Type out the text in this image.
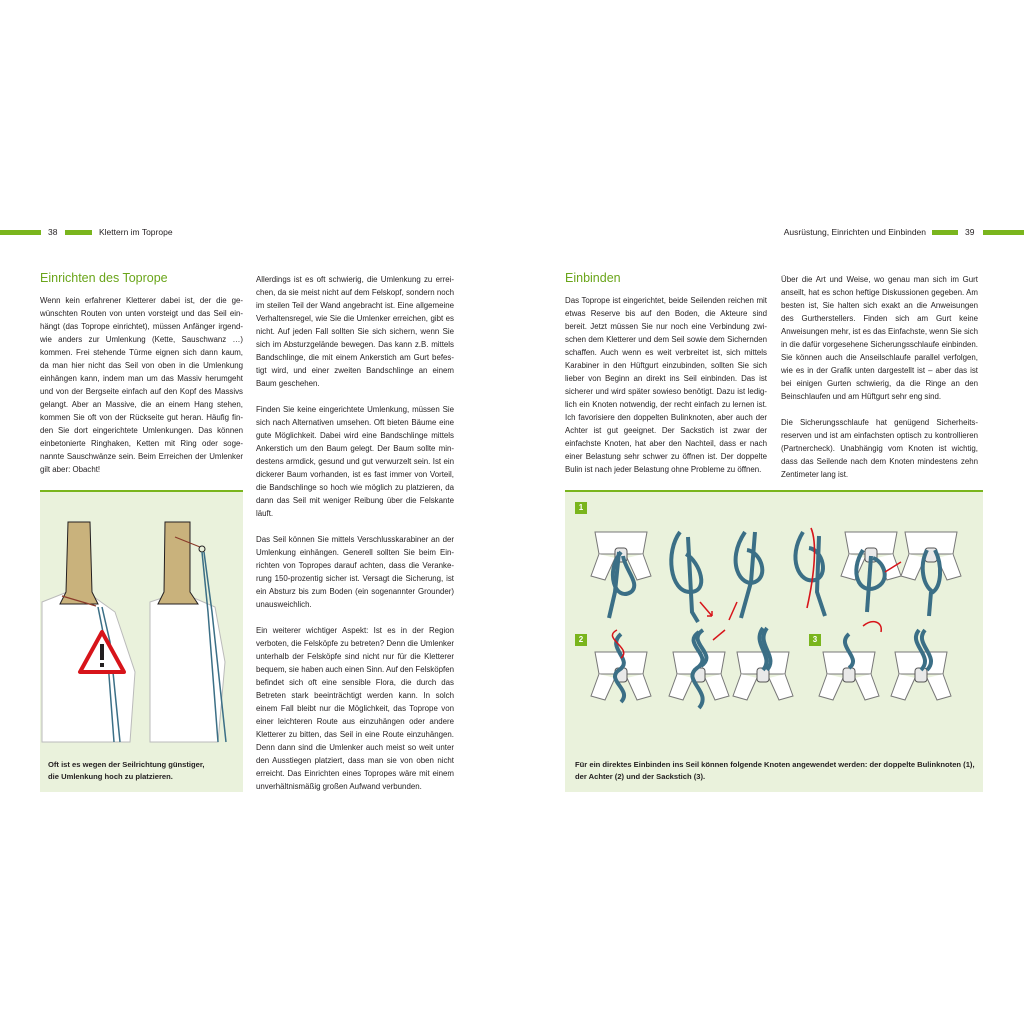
38	Klettern im Toprope	Ausrüstung, Einrichten und Einbinden	39
Einrichten des Toprope

Wenn kein erfahrener Kletterer dabei ist, der die gewünschten Routen von unten vorsteigt und das Seil einhängt (das Toprope einrichtet), müssen Anfänger irgendwie anders zur Umlenkung (Kette, Sauschwanz …) kommen. Frei stehende Türme eignen sich dann kaum, da man hier nicht das Seil von oben in die Umlenkung einhängen kann, indem man um das Massiv herumgeht und von der Bergseite einfach auf den Kopf des Massivs gelangt. Aber an Massive, die an einem Hang stehen, kommen Sie oft von der Rückseite gut heran. Häufig finden Sie dort eingerichtete Umlenkungen. Das können einbetonierte Ringhaken, Ketten mit Ring oder sogenannte Sauschwänze sein. Beim Erreichen der Umlenker gilt aber: Obacht!

Allerdings ist es oft schwierig, die Umlenkung zu erreichen, da sie meist nicht auf dem Felskopf, sondern noch im steilen Teil der Wand angebracht ist. Eine allgemeine Verhaltensregel, wie Sie die Umlenker erreichen, gibt es nicht. Auf jeden Fall sollten Sie sich sichern, wenn Sie sich im Absturzgelände bewegen. Das kann z.B. mittels Bandschlinge, die mit einem Ankerstich am Gurt befestigt wird, und einer zweiten Bandschlinge an einem Baum geschehen.

Finden Sie keine eingerichtete Umlenkung, müssen Sie sich nach Alternativen umsehen. Oft bieten Bäume eine gute Möglichkeit. Dabei wird eine Bandschlinge mittels Ankerstich um den Baum gelegt. Der Baum sollte mindestens armdick, gesund und gut verwurzelt sein. Ist ein dickerer Baum vorhanden, ist es fast immer von Vorteil, die Bandschlinge so hoch wie möglich zu platzieren, da dann das Seil mit weniger Reibung über die Felskante läuft.

Das Seil können Sie mittels Verschlusskarabiner an der Umlenkung einhängen. Generell sollten Sie beim Einrichten von Topropes darauf achten, dass die Verankerung 150-prozentig sicher ist. Versagt die Sicherung, ist ein Absturz bis zum Boden (ein sogenannter Grounder) unausweichlich.

Ein weiterer wichtiger Aspekt: Ist es in der Region verboten, die Felsköpfe zu betreten? Denn die Umlenker unterhalb der Felsköpfe sind nicht nur für die Kletterer bequem, sie haben auch einen Sinn. Auf den Felsköpfen befindet sich oft eine sensible Flora, die durch das Betreten stark beeinträchtigt werden kann. In solch einem Fall bleibt nur die Möglichkeit, das Toprope von einer leichteren Route aus einzuhängen oder andere Kletterer zu bitten, das Seil in eine Route einzuhängen. Denn dann sind die Umlenker auch meist so weit unter den Ausstiegen platziert, dass man sie von oben nicht erreicht. Das Einrichten eines Topropes wäre mit einem unverhältnismäßig großen Aufwand verbunden.

Oft ist es wegen der Seilrichtung günstiger,
die Umlenkung hoch zu platzieren.
Einbinden

Das Toprope ist eingerichtet, beide Seilenden reichen mit etwas Reserve bis auf den Boden, die Akteure sind bereit. Jetzt müssen Sie nur noch eine Verbindung zwischen dem Kletterer und dem Seil sowie dem Sichernden schaffen. Auch wenn es weit verbreitet ist, sich mittels Karabiner in den Hüftgurt einzubinden, sollten Sie sich lieber von Beginn an direkt ins Seil einbinden. Das ist sicherer und wird später sowieso benötigt. Dazu ist lediglich ein Knoten notwendig, der recht einfach zu lernen ist. Ich favorisiere den doppelten Bulinknoten, aber auch der Achter ist gut geeignet. Der Sackstich ist zwar der einfachste Knoten, hat aber den Nachteil, dass er nach einer Belastung sehr schwer zu öffnen ist. Der doppelte Bulin ist nach jeder Belastung ohne Probleme zu öffnen.

Über die Art und Weise, wo genau man sich im Gurt anseilt, hat es schon heftige Diskussionen gegeben. Am besten ist, Sie halten sich exakt an die Anweisungen des Gurtherstellers. Finden sich am Gurt keine Anweisungen mehr, ist es das Einfachste, wenn Sie sich in die dafür vorgesehene Sicherungsschlaufe einbinden. Sie können auch die Anseilschlaufe parallel verfolgen, wie es in der Grafik unten dargestellt ist – aber das ist bei einigen Gurten schwierig, da die Ringe an den Beinschlaufen und am Hüftgurt sehr eng sind.

Die Sicherungsschlaufe hat genügend Sicherheitsreserven und ist am einfachsten optisch zu kontrollieren (Partnercheck). Unabhängig vom Knoten ist wichtig, dass das Seilende nach dem Knoten mindestens zehn Zentimeter lang ist.

1
2	3
Für ein direktes Einbinden ins Seil können folgende Knoten angewendet werden: der doppelte Bulinknoten (1),
der Achter (2) und der Sackstich (3).
